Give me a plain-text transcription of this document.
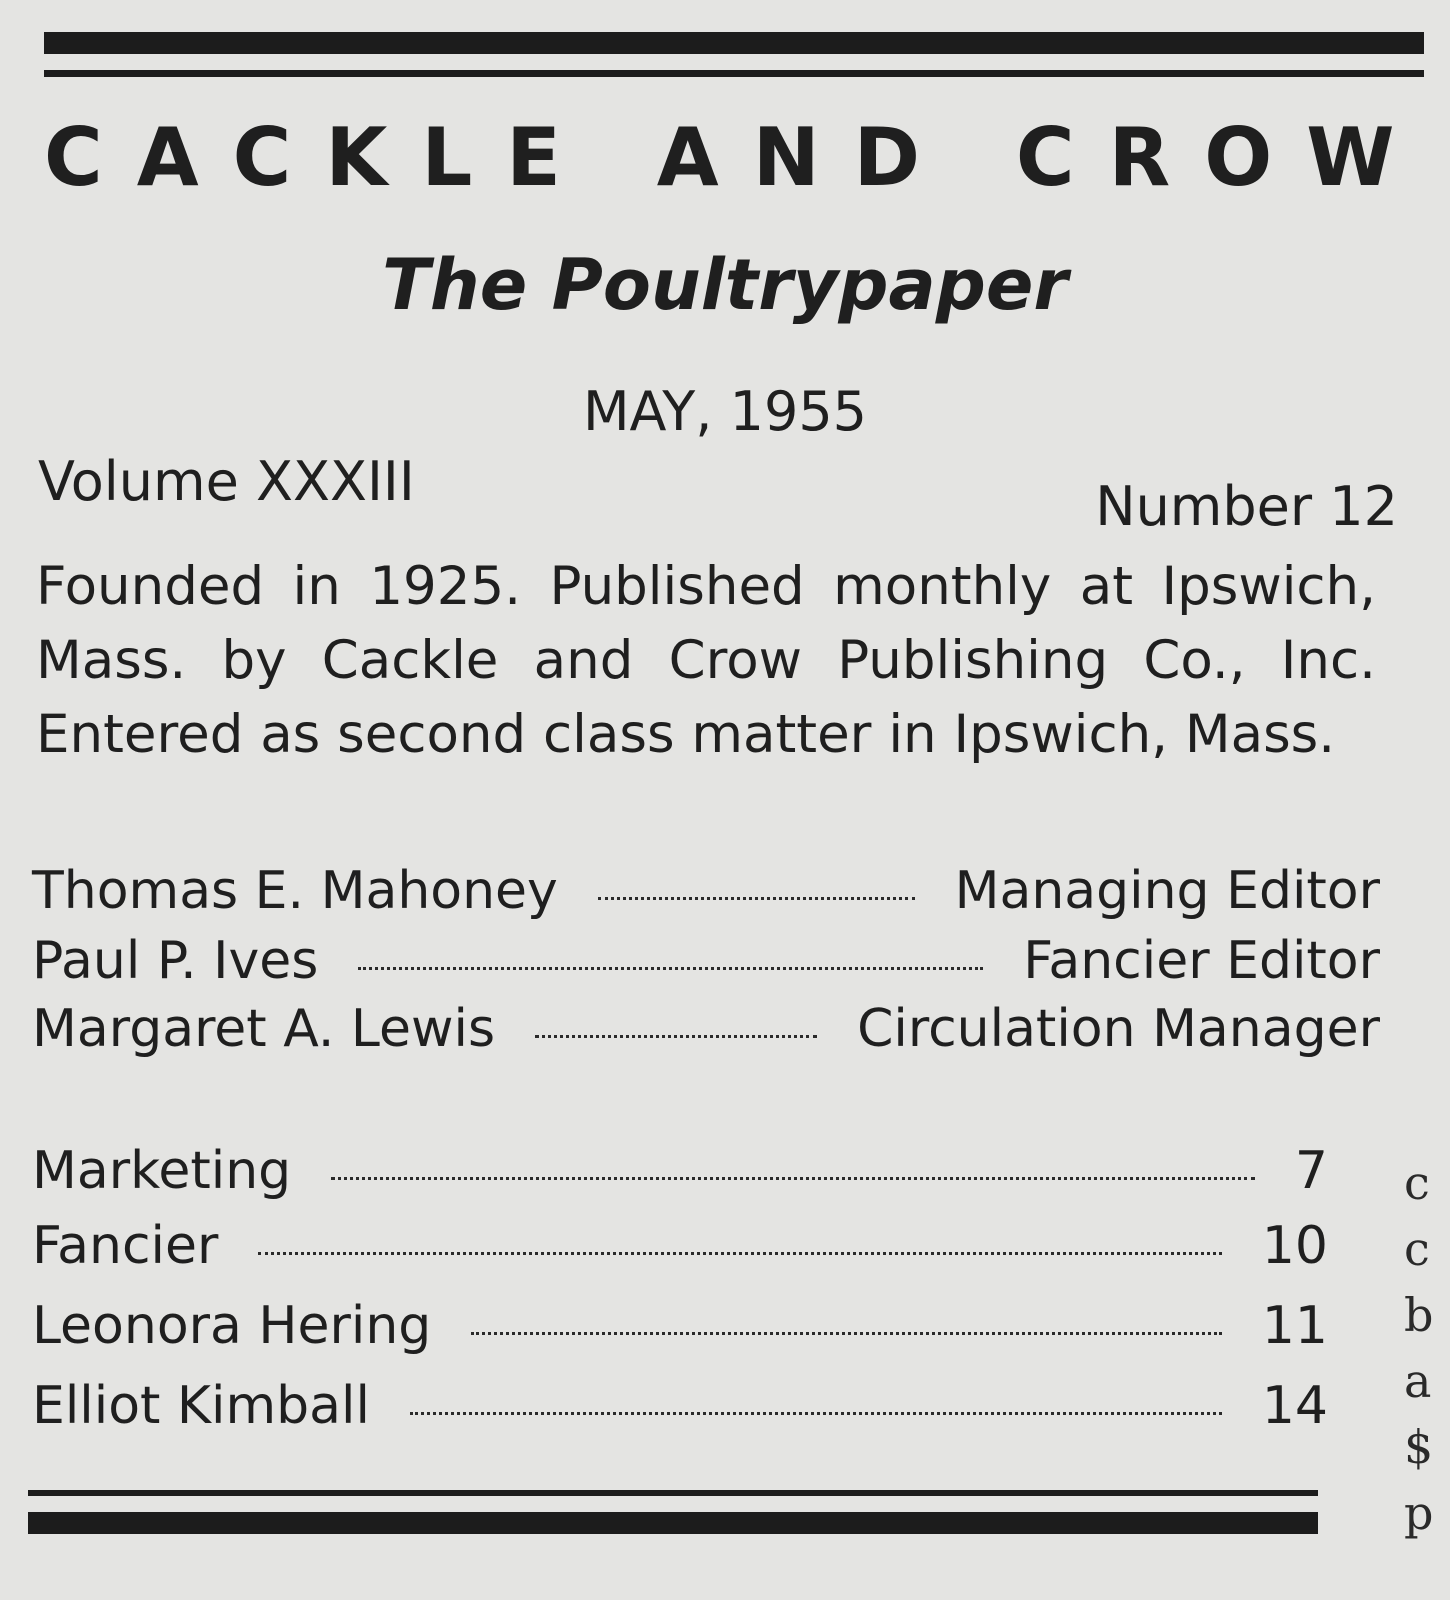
CACKLE AND CROW
The Poultrypaper
MAY, 1955
Volume XXXIII	Number 12
Founded in 1925. Published monthly at Ipswich, Mass. by Cackle and Crow Publishing Co., Inc. Entered as second class matter in Ipswich, Mass.
Thomas E. Mahoney	Managing Editor
Paul P. Ives	Fancier Editor
Margaret A. Lewis	Circulation Manager
Marketing	7
Fancier	10
Leonora Hering	11
Elliot Kimball	14
c
c
b
a
$
p
